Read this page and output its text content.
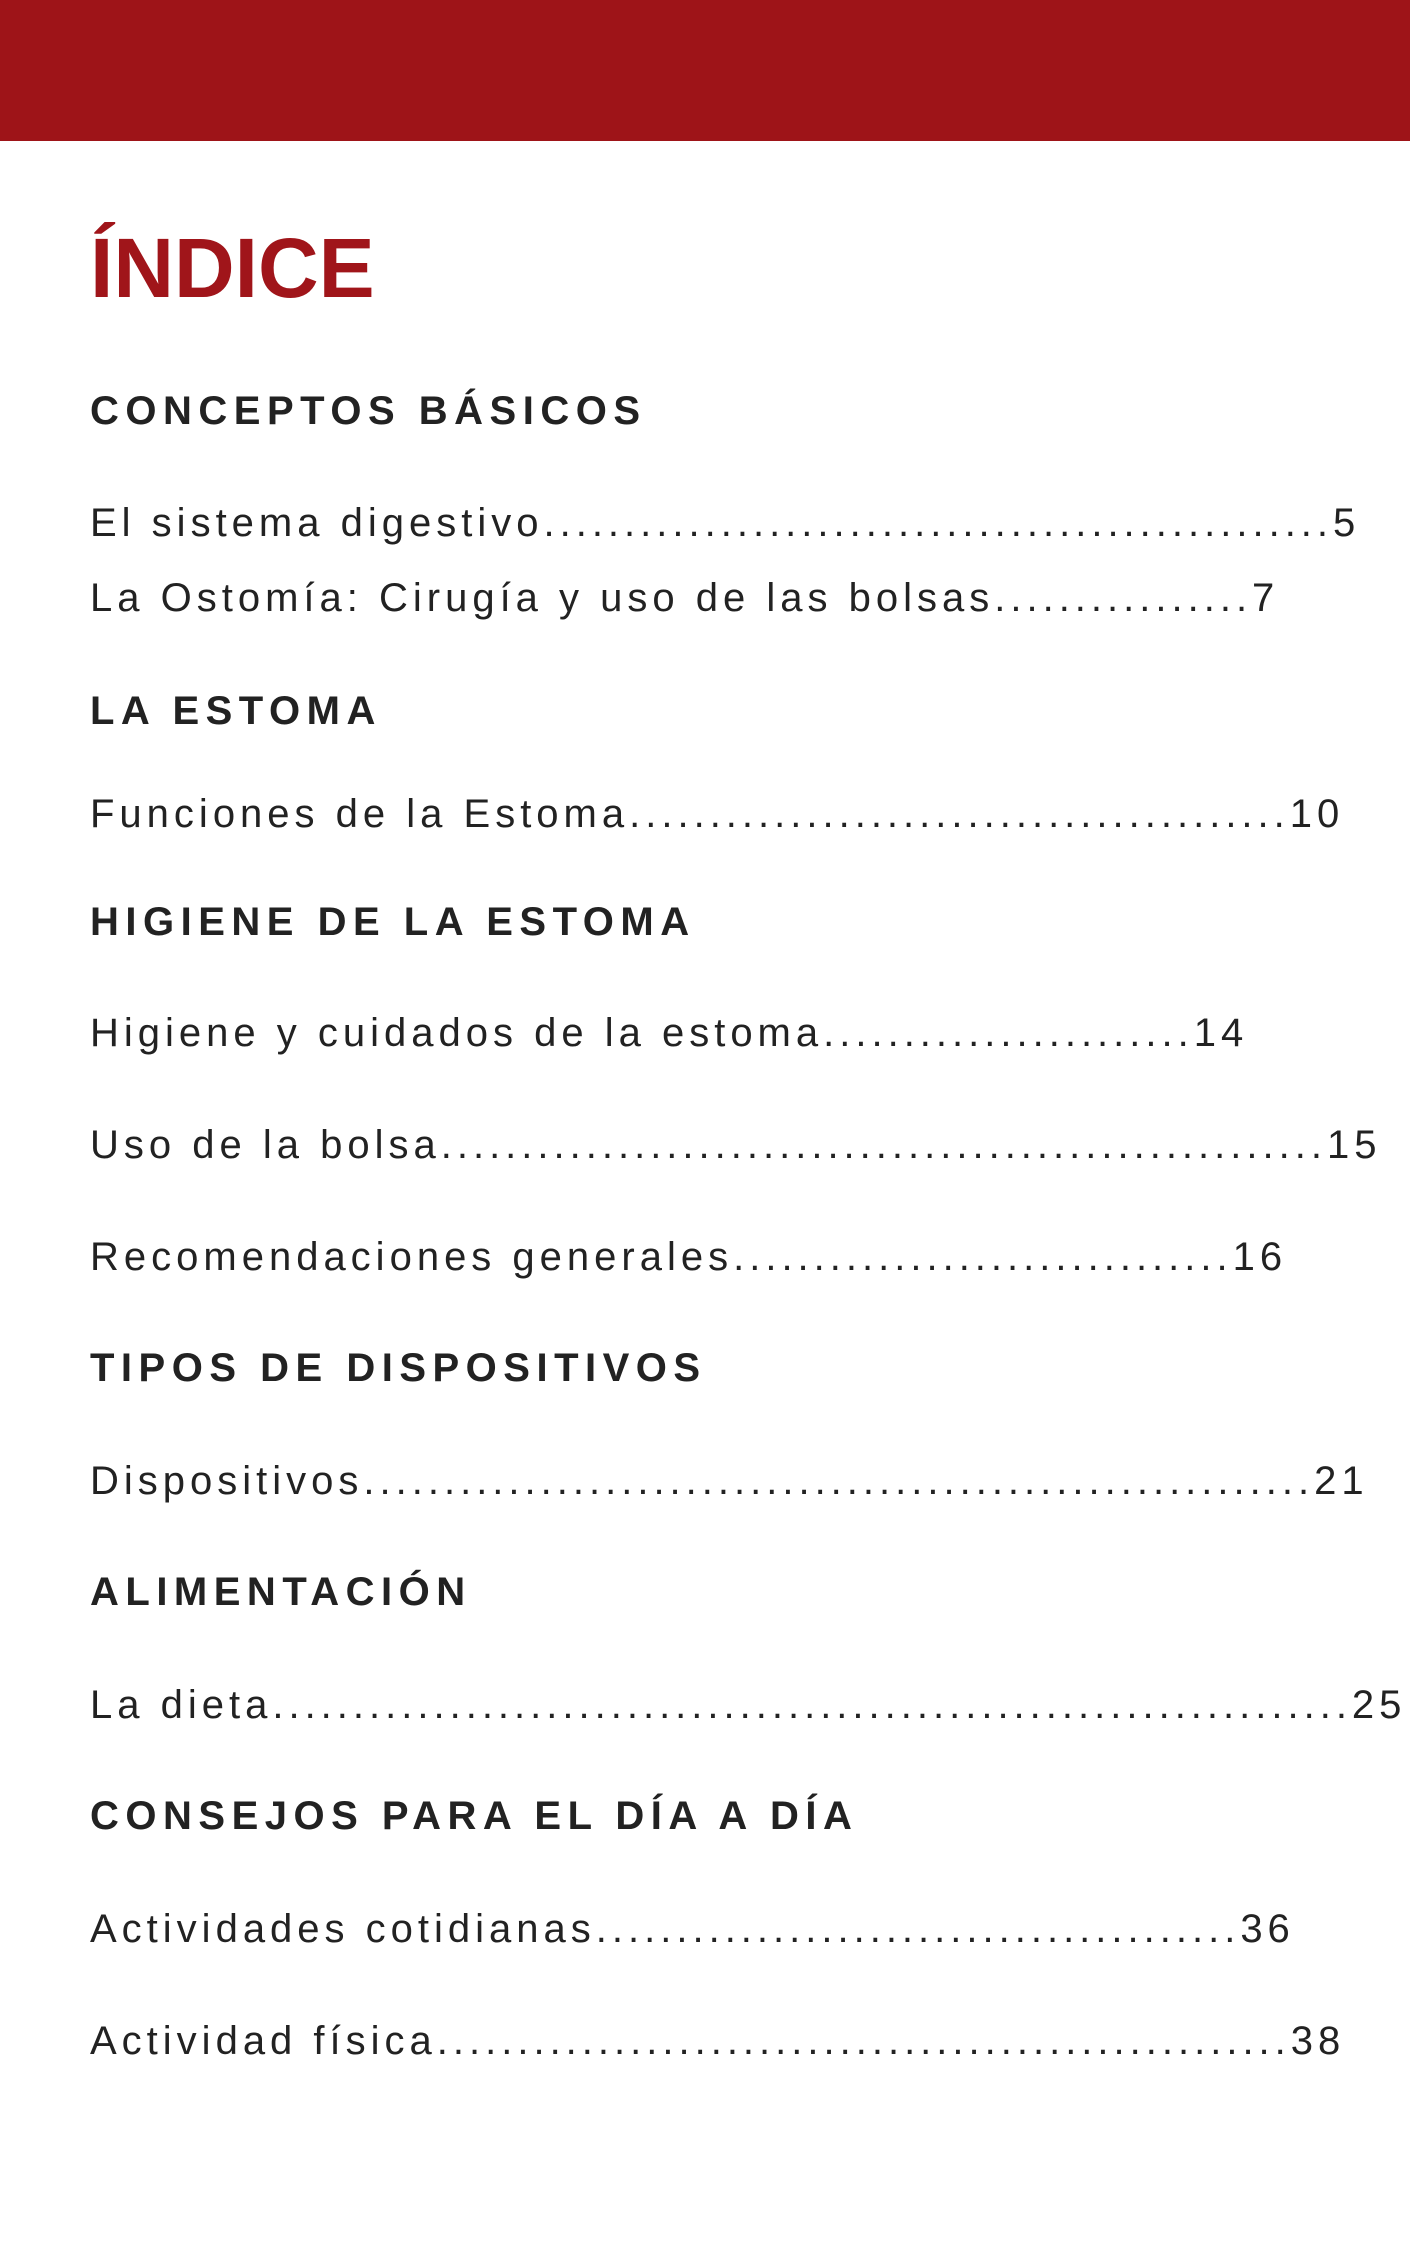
ÍNDICE
CONCEPTOS BÁSICOS

El sistema digestivo.................................................5

La Ostomía: Cirugía y uso de las bolsas................7

LA ESTOMA

Funciones de la Estoma.........................................10

HIGIENE DE LA ESTOMA

Higiene y cuidados de la estoma.......................14

Uso de la bolsa.......................................................15

Recomendaciones generales...............................16

TIPOS DE DISPOSITIVOS

Dispositivos...........................................................21

ALIMENTACIÓN

La dieta...................................................................25

CONSEJOS PARA EL DÍA A DÍA

Actividades cotidianas........................................36

Actividad física.....................................................38
